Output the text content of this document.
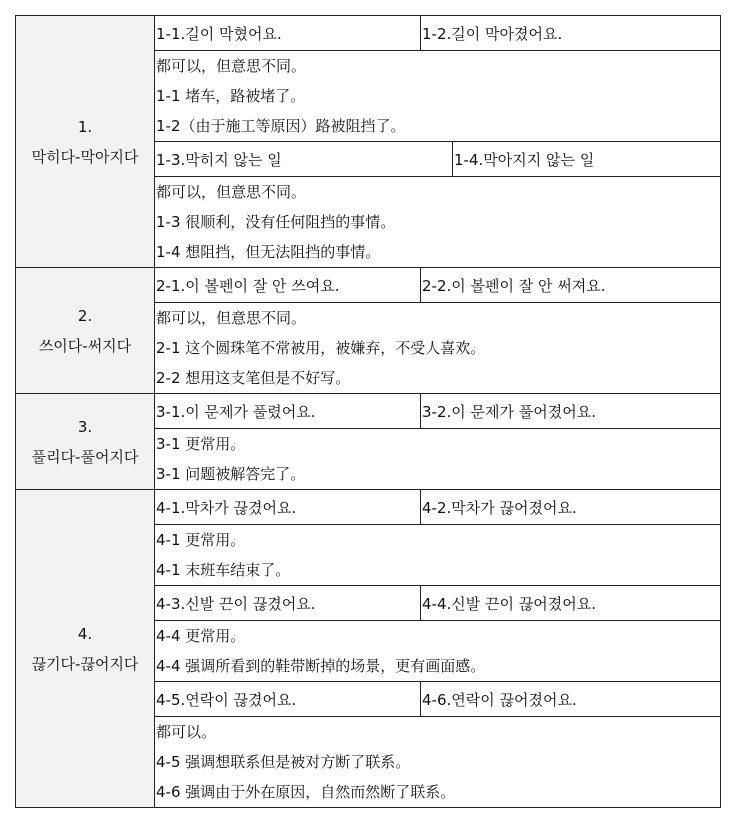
1.
막히다-막아지다	1-1.길이 막혔어요.	1-2.길이 막아졌어요.	

	都可以，但意思不同。
1-1 堵车，路被堵了。
1-2（由于施工等原因）路被阻挡了。		

	1-3.막히지 않는 일		1-4.막아지지 않는 일

	都可以，但意思不同。
1-3 很顺利，没有任何阻挡的事情。
1-4 想阻挡，但无法阻挡的事情。		

2.
쓰이다-써지다	2-1.이 볼펜이 잘 안 쓰여요.	2-2.이 볼펜이 잘 안 써져요.	

	都可以，但意思不同。
2-1 这个圆珠笔不常被用，被嫌弃，不受人喜欢。
2-2 想用这支笔但是不好写。		

3.
풀리다-풀어지다	3-1.이 문제가 풀렸어요.	3-2.이 문제가 풀어졌어요.	

	3-1 更常用。
3-1 问题被解答完了。		

4.
끊기다-끊어지다	4-1.막차가 끊겼어요.	4-2.막차가 끊어졌어요.	

	4-1 更常用。
4-1 末班车结束了。		

	4-3.신발 끈이 끊겼어요.	4-4.신발 끈이 끊어졌어요.	

	4-4 更常用。
4-4 强调所看到的鞋带断掉的场景，更有画面感。		

	4-5.연락이 끊겼어요.	4-6.연락이 끊어졌어요.	

	都可以。
4-5 强调想联系但是被对方断了联系。
4-6 强调由于外在原因，自然而然断了联系。		
